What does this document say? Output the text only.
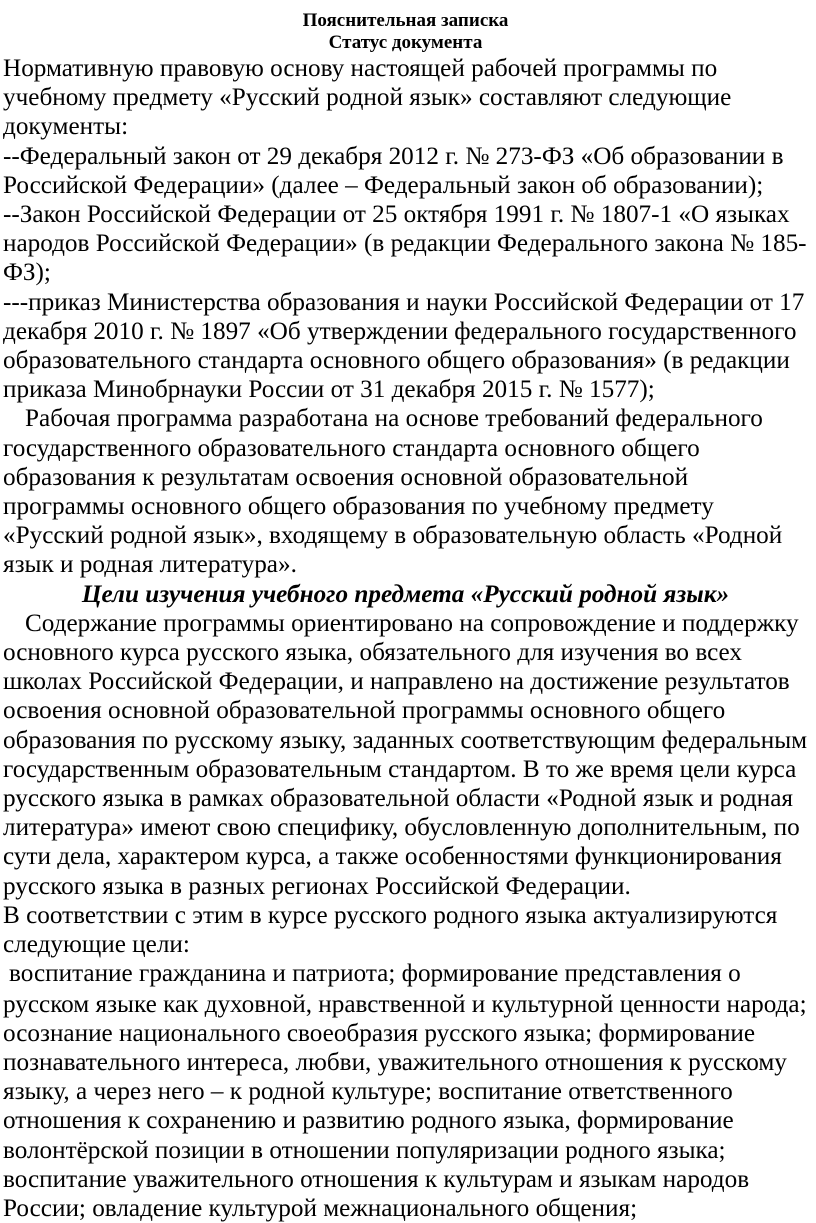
Пояснительная записка
Статус документа

Нормативную правовую основу настоящей рабочей программы по учебному предмету «Русский родной язык» составляют следующие документы:

--Федеральный закон от 29 декабря 2012 г. № 273-ФЗ «Об образовании в Российской Федерации» (далее – Федеральный закон об образовании);

--Закон Российской Федерации от 25 октября 1991 г. № 1807-1 «О языках народов Российской Федерации» (в редакции Федерального закона № 185-ФЗ);

---приказ Министерства образования и науки Российской Федерации от 17 декабря 2010 г. № 1897 «Об утверждении федерального государственного образовательного стандарта основного общего образования» (в редакции приказа Минобрнауки России от 31 декабря 2015 г. № 1577);

Рабочая программа разработана на основе требований федерального государственного образовательного стандарта основного общего образования к результатам освоения основной образовательной программы основного общего образования по учебному предмету «Русский родной язык», входящему в образовательную область «Родной язык и родная литература».

Цели изучения учебного предмета «Русский родной язык»

Содержание программы ориентировано на сопровождение и поддержку основного курса русского языка, обязательного для изучения во всех школах Российской Федерации, и направлено на достижение результатов освоения основной образовательной программы основного общего образования по русскому языку, заданных соответствующим федеральным государственным образовательным стандартом. В то же время цели курса русского языка в рамках образовательной области «Родной язык и родная литература» имеют свою специфику, обусловленную дополнительным, по сути дела, характером курса, а также особенностями функционирования русского языка в разных регионах Российской Федерации.

В соответствии с этим в курсе русского родного языка актуализируются следующие цели:

воспитание гражданина и патриота; формирование представления о русском языке как духовной, нравственной и культурной ценности народа; осознание национального своеобразия русского языка; формирование познавательного интереса, любви, уважительного отношения к русскому языку, а через него – к родной культуре; воспитание ответственного отношения к сохранению и развитию родного языка, формирование волонтёрской позиции в отношении популяризации родного языка; воспитание уважительного отношения к культурам и языкам народов России; овладение культурой межнационального общения;
